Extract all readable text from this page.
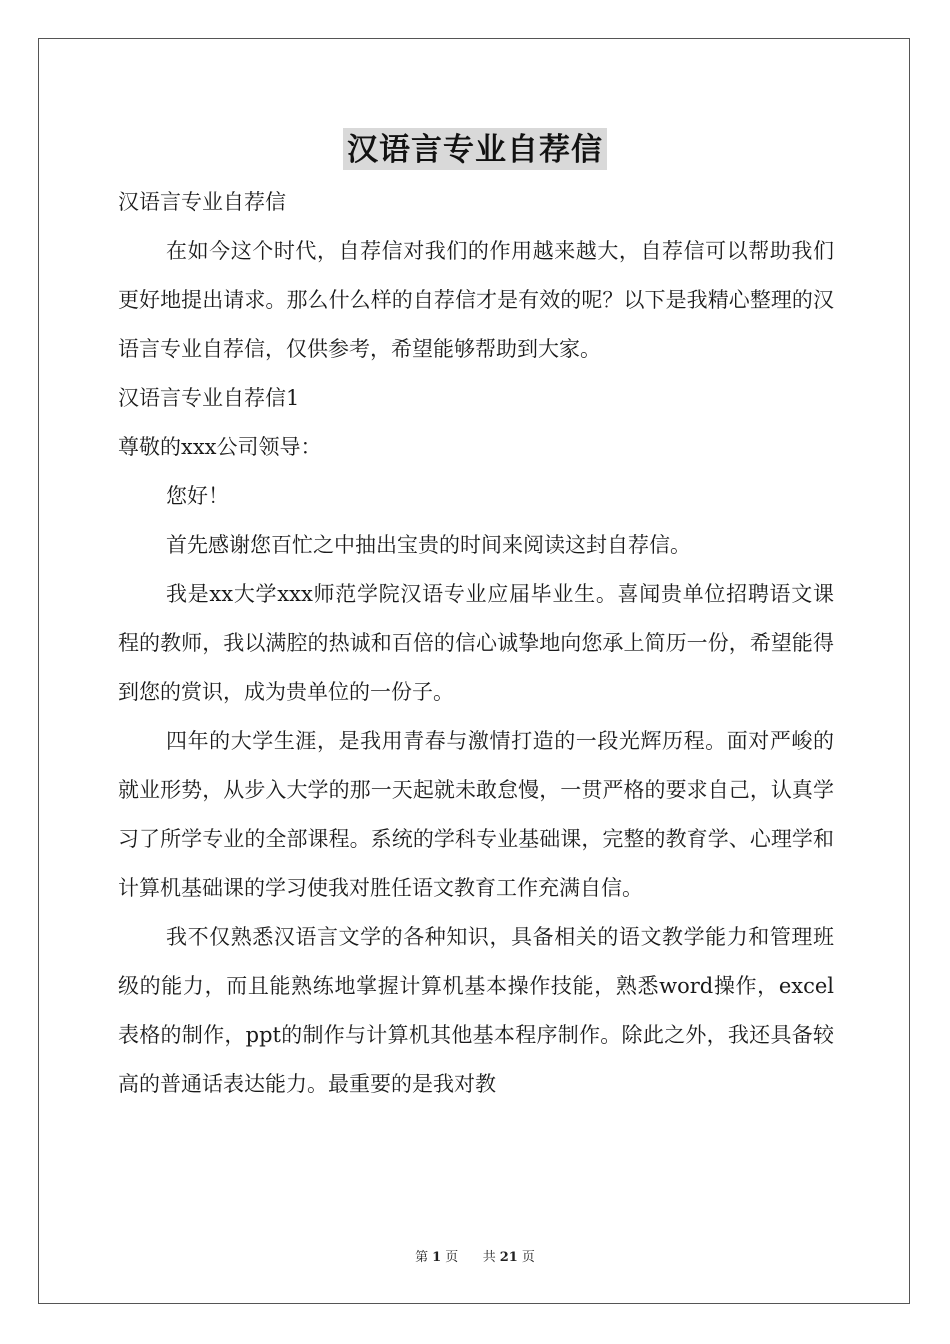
汉语言专业自荐信

汉语言专业自荐信

在如今这个时代，自荐信对我们的作用越来越大，自荐信可以帮助我们更好地提出请求。那么什么样的自荐信才是有效的呢？以下是我精心整理的汉语言专业自荐信，仅供参考，希望能够帮助到大家。

汉语言专业自荐信1

尊敬的xxx公司领导：

您好！

首先感谢您百忙之中抽出宝贵的时间来阅读这封自荐信。

我是xx大学xxx师范学院汉语专业应届毕业生。喜闻贵单位招聘语文课程的教师，我以满腔的热诚和百倍的信心诚挚地向您承上简历一份，希望能得到您的赏识，成为贵单位的一份子。

四年的大学生涯，是我用青春与激情打造的一段光辉历程。面对严峻的就业形势，从步入大学的那一天起就未敢怠慢，一贯严格的要求自己，认真学习了所学专业的全部课程。系统的学科专业基础课，完整的教育学、心理学和计算机基础课的学习使我对胜任语文教育工作充满自信。

我不仅熟悉汉语言文学的各种知识，具备相关的语文教学能力和管理班级的能力，而且能熟练地掌握计算机基本操作技能，熟悉word操作，excel表格的制作，ppt的制作与计算机其他基本程序制作。除此之外，我还具备较高的普通话表达能力。最重要的是我对教

第 1 页 共 21 页
